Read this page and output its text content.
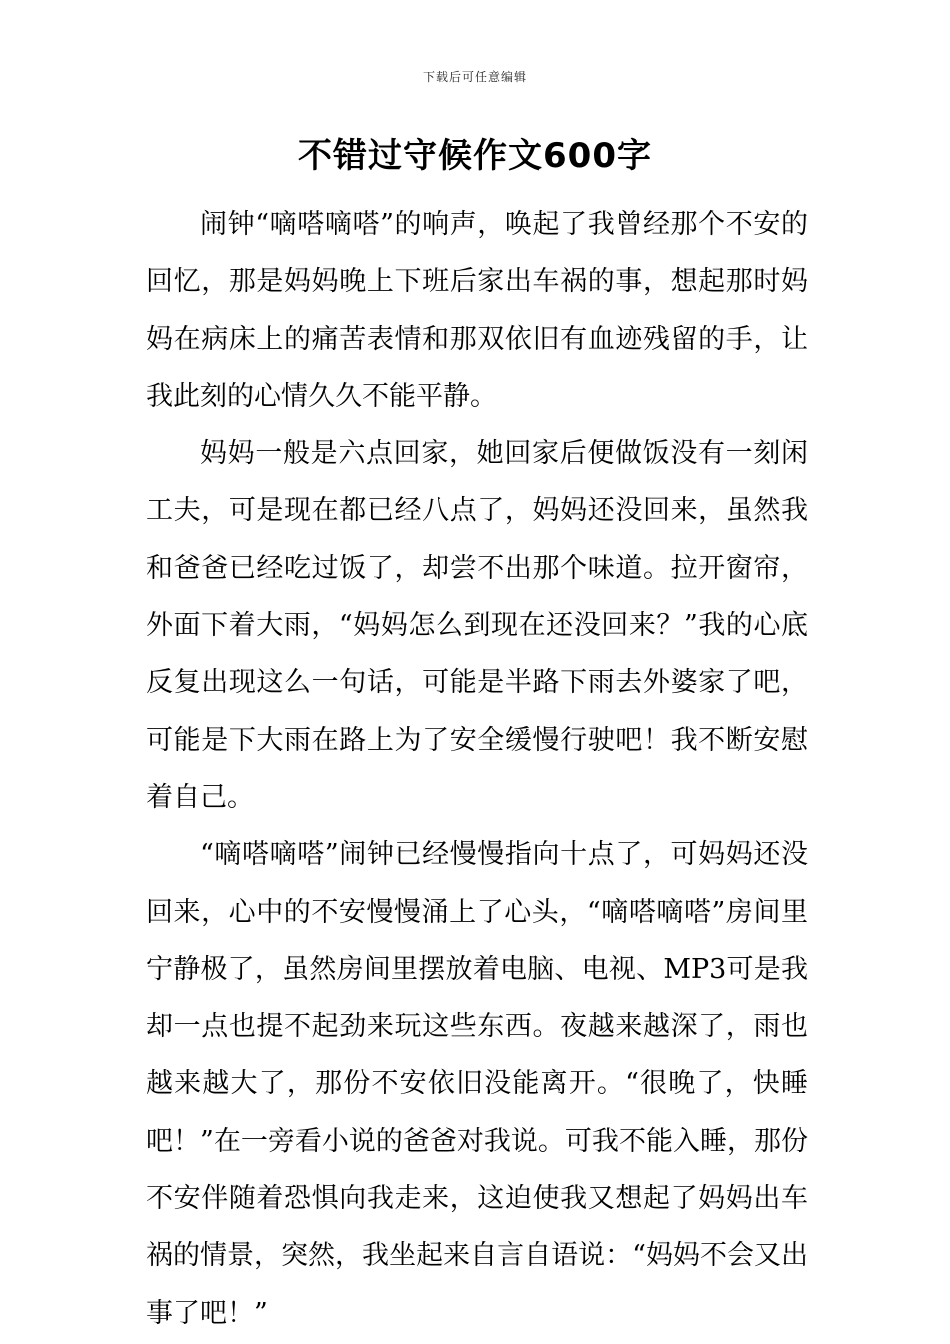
下载后可任意编辑
不错过守候作文600字

闹钟“嘀嗒嘀嗒”的响声，唤起了我曾经那个不安的回忆，那是妈妈晚上下班后家出车祸的事，想起那时妈妈在病床上的痛苦表情和那双依旧有血迹残留的手，让我此刻的心情久久不能平静。

妈妈一般是六点回家，她回家后便做饭没有一刻闲工夫，可是现在都已经八点了，妈妈还没回来，虽然我和爸爸已经吃过饭了，却尝不出那个味道。拉开窗帘，外面下着大雨，“妈妈怎么到现在还没回来？”我的心底反复出现这么一句话，可能是半路下雨去外婆家了吧，可能是下大雨在路上为了安全缓慢行驶吧！我不断安慰着自己。

“嘀嗒嘀嗒”闹钟已经慢慢指向十点了，可妈妈还没回来，心中的不安慢慢涌上了心头，“嘀嗒嘀嗒”房间里宁静极了，虽然房间里摆放着电脑、电视、MP3可是我却一点也提不起劲来玩这些东西。夜越来越深了，雨也越来越大了，那份不安依旧没能离开。“很晚了，快睡吧！”在一旁看小说的爸爸对我说。可我不能入睡，那份不安伴随着恐惧向我走来，这迫使我又想起了妈妈出车祸的情景，突然，我坐起来自言自语说：“妈妈不会又出事了吧！”
